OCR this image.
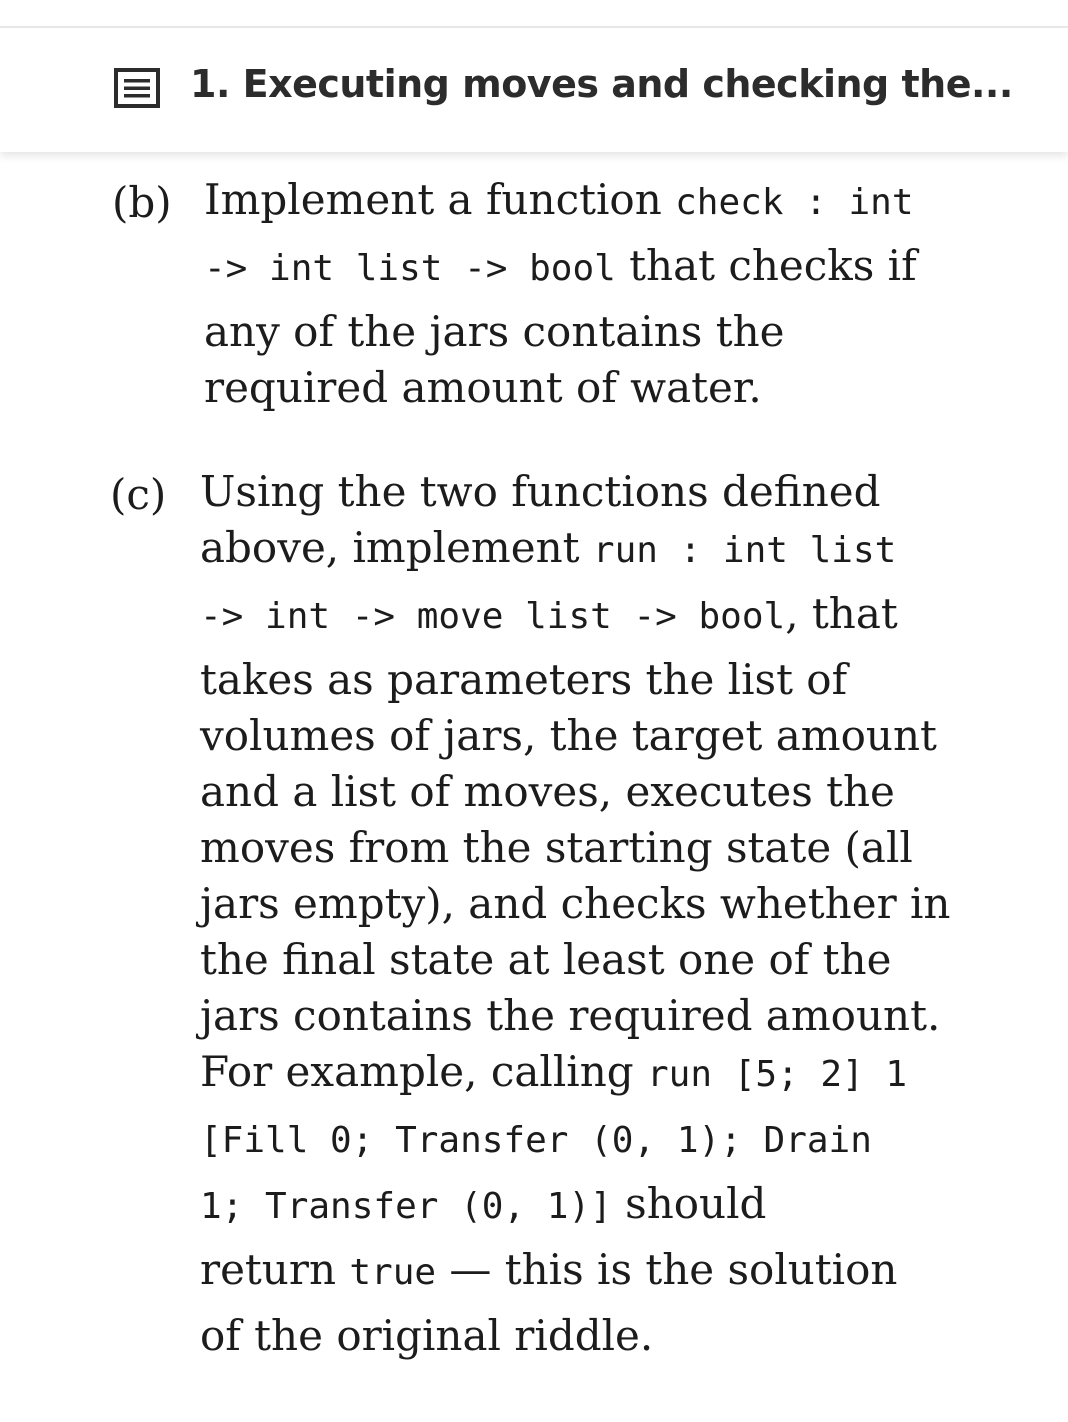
1. Executing moves and checking the...
(b) Implement a function check : int
-> int list -> bool that checks if
any of the jars contains the
required amount of water.
(c) Using the two functions defined
above, implement run : int list
-> int -> move list -> bool, that
takes as parameters the list of
volumes of jars, the target amount
and a list of moves, executes the
moves from the starting state (all
jars empty), and checks whether in
the final state at least one of the
jars contains the required amount.
For example, calling run [5; 2] 1
[Fill 0; Transfer (0, 1); Drain
1; Transfer (0, 1)] should
return true — this is the solution
of the original riddle.
